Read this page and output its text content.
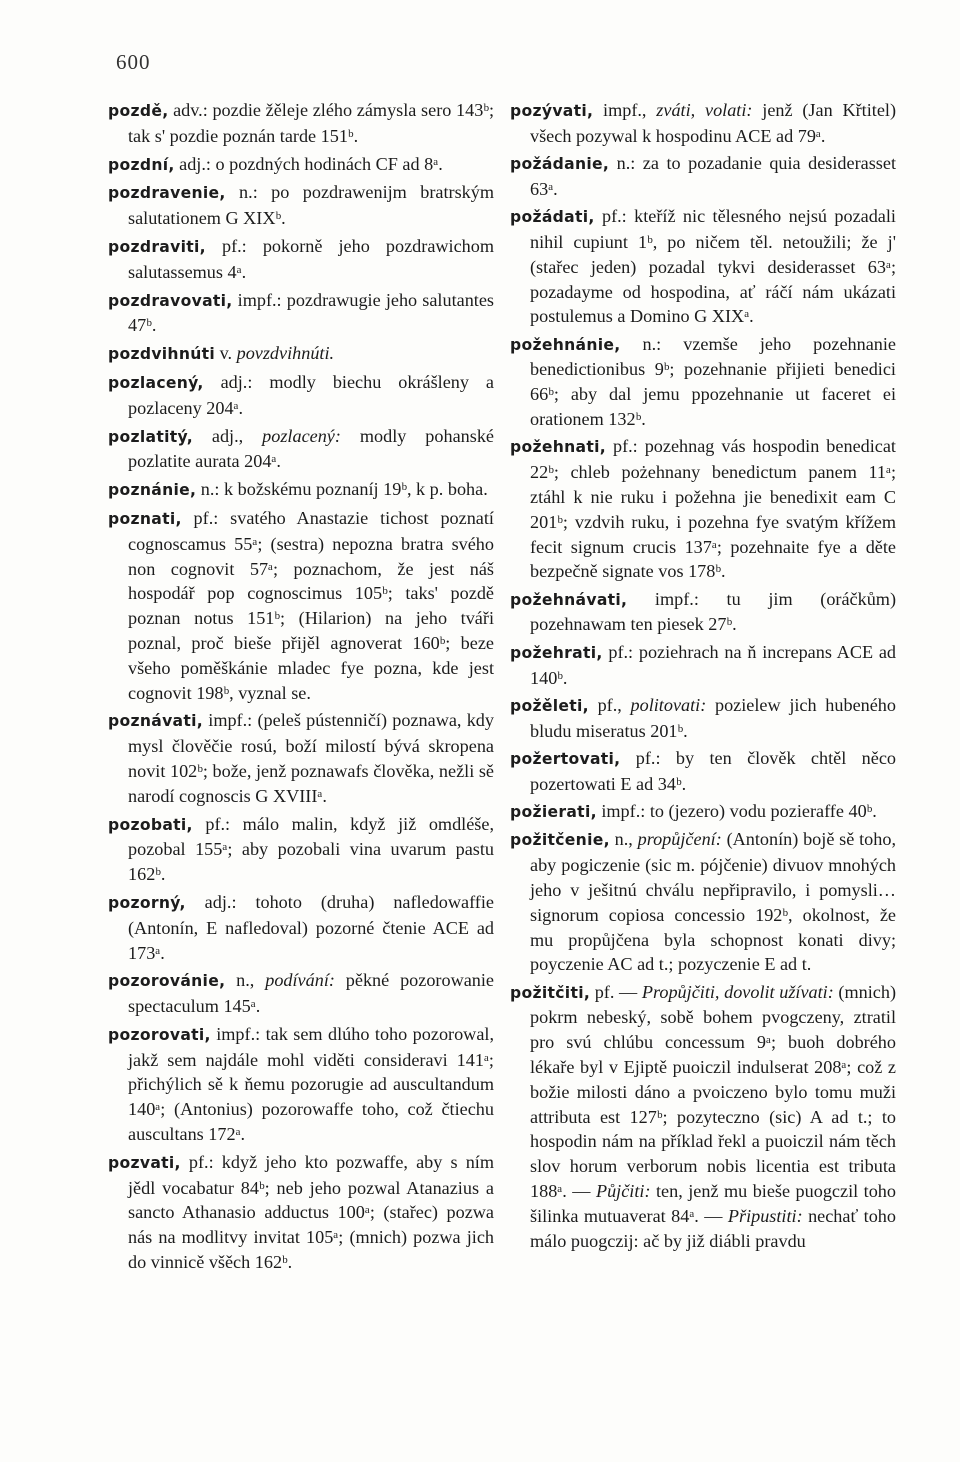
600
pozdě, adv.: pozdie žěleje zlého zámysla sero 143ᵇ; tak s' pozdie poznán tarde 151ᵇ.
pozdní, adj.: o pozdných hodinách CF ad 8ᵃ.
pozdravenie, n.: po pozdrawenijm bratrským salutationem G XIXᵇ.
pozdraviti, pf.: pokorně jeho pozdrawichom salutassemus 4ᵃ.
pozdravovati, impf.: pozdrawugie jeho salutantes 47ᵇ.
pozdvihnúti v. povzdvihnúti.
pozlacený, adj.: modly biechu okrášleny a pozlaceny 204ᵃ.
pozlatitý, adj., pozlacený: modly pohanské pozlatite aurata 204ᵃ.
poznánie, n.: k božskému poznaníj 19ᵇ, k p. boha.
poznati, pf.: svatého Anastazie tichost poznatí cognoscamus 55ᵃ; (sestra) nepozna bratra svého non cognovit 57ᵃ; poznachom, že jest náš hospodář pop cognoscimus 105ᵇ; taks' pozdě poznan notus 151ᵇ; (Hilarion) na jeho tváři poznal, proč bieše přijěl agnoverat 160ᵇ; beze všeho poměškánie mladec fye pozna, kde jest cognovit 198ᵇ, vyznal se.
poznávati, impf.: (peleš pústenničí) poznawa, kdy mysl člověčie rosú, boží milostí bývá skropena novit 102ᵇ; bože, jenž poznawafs člověka, nežli sě narodí cognoscis G XVIIIᵃ.
pozobati, pf.: málo malin, když již omdléše, pozobal 155ᵃ; aby pozobali vina uvarum pastu 162ᵇ.
pozorný, adj.: tohoto (druha) nafledowaffie (Antonín, E nafledoval) pozorné čtenie ACE ad 173ᵃ.
pozorovánie, n., podívání: pěkné pozorowanie spectaculum 145ᵃ.
pozorovati, impf.: tak sem dlúho toho pozorowal, jakž sem najdále mohl viděti consideravi 141ᵃ; přichýlich sě k ňemu pozorugie ad auscultandum 140ᵃ; (Antonius) pozorowaffe toho, což čtiechu auscultans 172ᵃ.
pozvati, pf.: když jeho kto pozwaffe, aby s ním jědl vocabatur 84ᵇ; neb jeho pozwal Atanazius a sancto Athanasio adductus 100ᵃ; (stařec) pozwa nás na modlitvy invitat 105ᵃ; (mnich) pozwa jich do vinnicě všěch 162ᵇ.
pozývati, impf., zváti, volati: jenž (Jan Křtitel) všech pozywal k hospodinu ACE ad 79ᵃ.
požádanie, n.: za to pozadanie quia desiderasset 63ᵃ.
požádati, pf.: kteříž nic tělesného nejsú pozadali nihil cupiunt 1ᵇ, po ničem těl. netoužili; že j' (stařec jeden) pozadal tykvi desiderasset 63ᵃ; pozadayme od hospodina, ať ráčí nám ukázati postulemus a Domino G XIXᵃ.
požehnánie, n.: vzemše jeho pozehnanie benedictionibus 9ᵇ; pozehnanie přijieti benedici 66ᵇ; aby dal jemu ppozehnanie ut faceret ei orationem 132ᵇ.
požehnati, pf.: pozehnag vás hospodin benedicat 22ᵇ; chleb pożehnany benedictum panem 11ᵃ; ztáhl k nie ruku i požehna jie benedixit eam C 201ᵇ; vzdvih ruku, i pozehna fye svatým křížem fecit signum crucis 137ᵃ; pozehnaite fye a děte bezpečně signate vos 178ᵇ.
požehnávati, impf.: tu jim (oráčkům) pozehnawam ten piesek 27ᵇ.
požehrati, pf.: poziehrach na ň increpans ACE ad 140ᵇ.
požěleti, pf., politovati: pozielew jich hubeného bludu miseratus 201ᵇ.
požertovati, pf.: by ten člověk chtěl něco pozertowati E ad 34ᵇ.
požierati, impf.: to (jezero) vodu pozieraffe 40ᵇ.
požitčenie, n., propůjčení: (Antonín) bojě sě toho, aby pogiczenie (sic m. pójčenie) divuov mnohých jeho v ješitnú chválu nepřipravilo, i pomysli… signorum copiosa concessio 192ᵇ, okolnost, že mu propůjčena byla schopnost konati divy; poyczenie AC ad t.; pozyczenie E ad t.
požitčiti, pf. — Propůjčiti, dovolit užívati: (mnich) pokrm nebeský, sobě bohem pvogczeny, ztratil pro svú chlúbu concessum 9ᵃ; buoh dobrého lékaře byl v Ejiptě puoiczil indulserat 208ᵃ; což z božie milosti dáno a pvoiczeno bylo tomu muži attributa est 127ᵇ; pozyteczno (sic) A ad t.; to hospodin nám na příklad řekl a puoiczil nám těch slov horum verborum nobis licentia est tributa 188ᵃ. — Půjčiti: ten, jenž mu bieše puogczil toho šilinka mutuaverat 84ᵃ. — Připustiti: nechať toho málo puogczij: ač by již diábli pravdu
